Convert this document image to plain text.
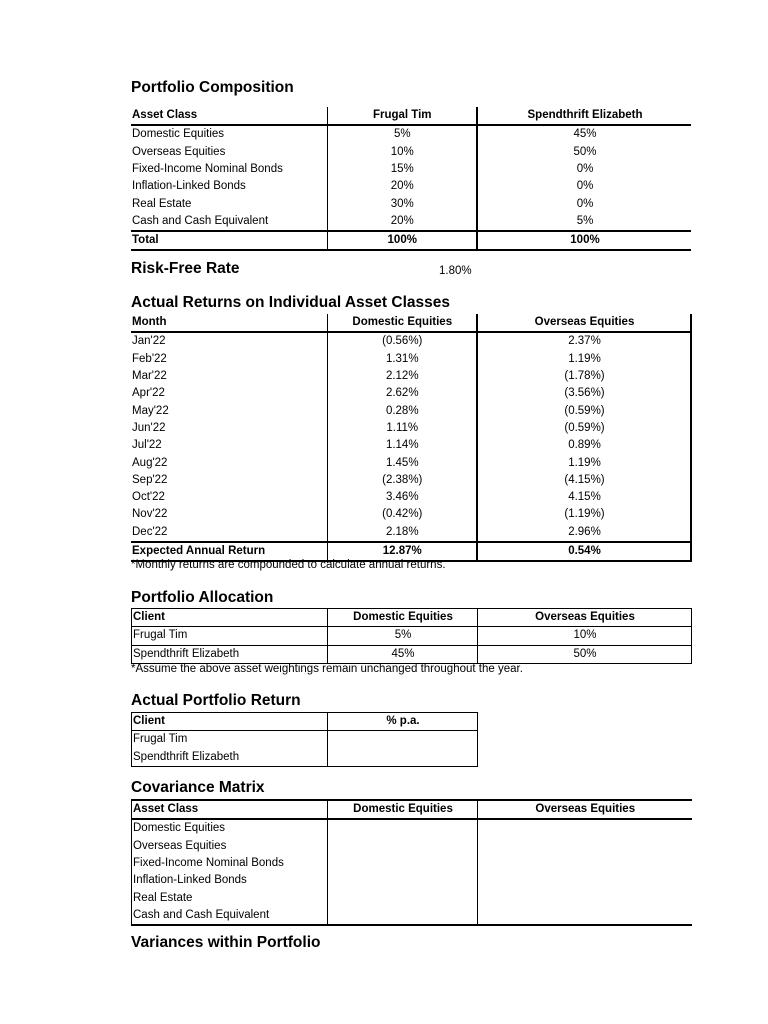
Portfolio Composition
Asset Class	Frugal Tim	Spendthrift Elizabeth
Domestic Equities	5%	45%
Overseas Equities	10%	50%
Fixed-Income Nominal Bonds	15%	0%
Inflation-Linked Bonds	20%	0%
Real Estate	30%	0%
Cash and Cash Equivalent	20%	5%
Total	100%	100%
Risk-Free Rate	1.80%
Actual Returns on Individual Asset Classes
Month	Domestic Equities	Overseas Equities
Jan'22	(0.56%)	2.37%
Feb'22	1.31%	1.19%
Mar'22	2.12%	(1.78%)
Apr'22	2.62%	(3.56%)
May'22	0.28%	(0.59%)
Jun'22	1.11%	(0.59%)
Jul'22	1.14%	0.89%
Aug'22	1.45%	1.19%
Sep'22	(2.38%)	(4.15%)
Oct'22	3.46%	4.15%
Nov'22	(0.42%)	(1.19%)
Dec'22	2.18%	2.96%
Expected Annual Return	12.87%	0.54%
*Monthly returns are compounded to calculate annual returns.
Portfolio Allocation
Client	Domestic Equities	Overseas Equities
Frugal Tim	5%	10%
Spendthrift Elizabeth	45%	50%
*Assume the above asset weightings remain unchanged throughout the year.
Actual Portfolio Return
Client	% p.a.
Frugal Tim	
Spendthrift Elizabeth	
Covariance Matrix
Asset Class	Domestic Equities	Overseas Equities
Domestic Equities		
Overseas Equities		
Fixed-Income Nominal Bonds		
Inflation-Linked Bonds		
Real Estate		
Cash and Cash Equivalent		
Variances within Portfolio
